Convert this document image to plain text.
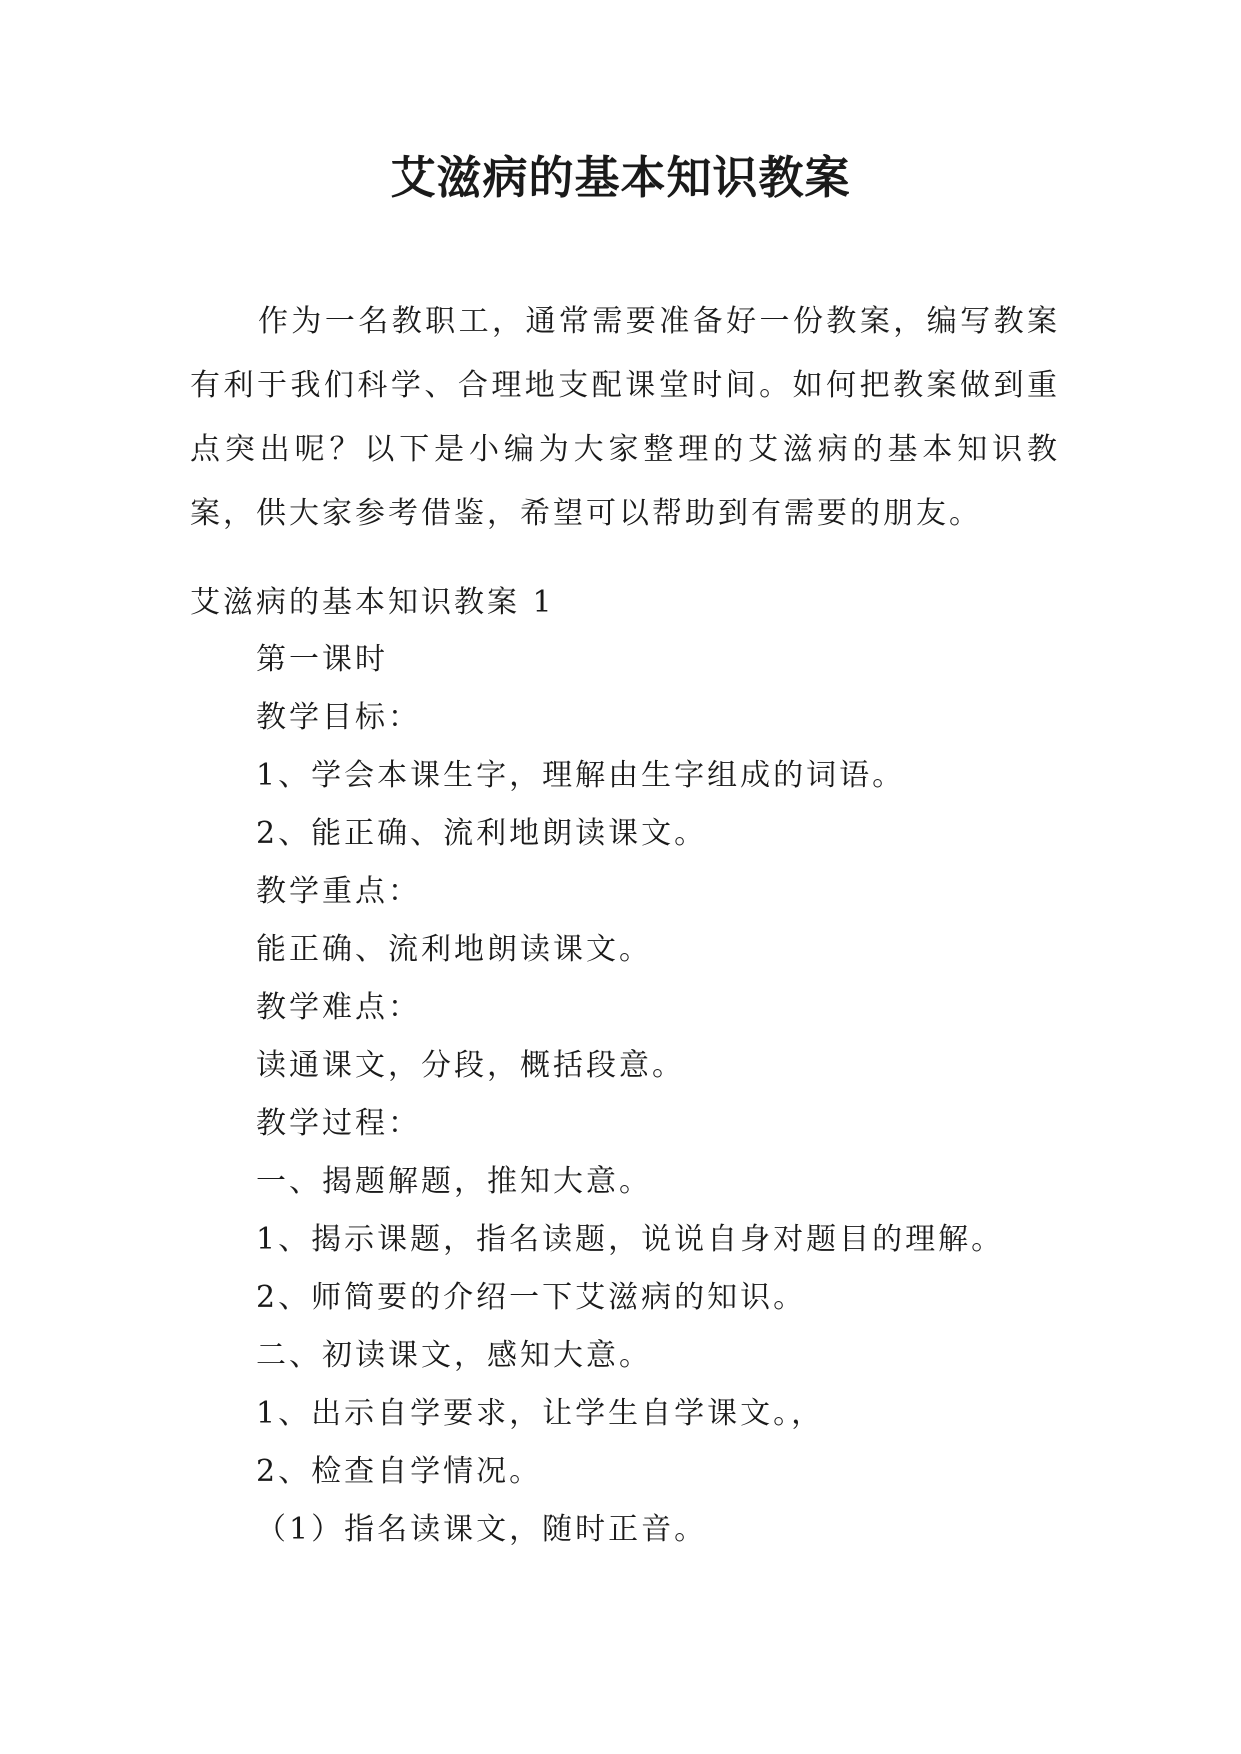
艾滋病的基本知识教案

作为一名教职工，通常需要准备好一份教案，编写教案有利于我们科学、合理地支配课堂时间。如何把教案做到重点突出呢？以下是小编为大家整理的艾滋病的基本知识教案，供大家参考借鉴，希望可以帮助到有需要的朋友。

艾滋病的基本知识教案 1

第一课时

教学目标：

1、学会本课生字，理解由生字组成的词语。

2、能正确、流利地朗读课文。

教学重点：

能正确、流利地朗读课文。

教学难点：

读通课文，分段，概括段意。

教学过程：

一、揭题解题，推知大意。

1、揭示课题，指名读题，说说自身对题目的理解。

2、师简要的介绍一下艾滋病的知识。

二、初读课文，感知大意。

1、出示自学要求，让学生自学课文。，

2、检查自学情况。

（1）指名读课文，随时正音。
